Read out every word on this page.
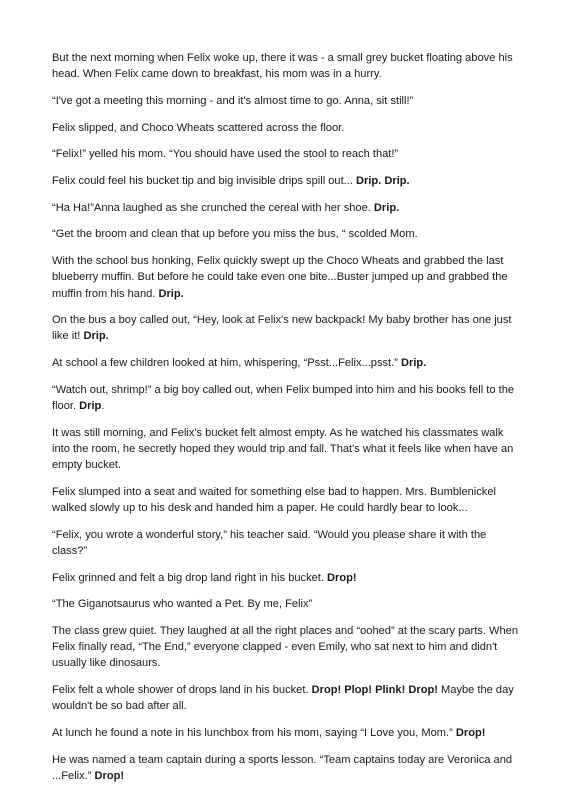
But the next morning when Felix woke up, there it was - a small grey bucket floating above his head. When Felix came down to breakfast, his mom was in a hurry.

“I've got a meeting this morning - and it's almost time to go. Anna, sit still!”

Felix slipped, and Choco Wheats scattered across the floor.

“Felix!” yelled his mom. “You should have used the stool to reach that!”

Felix could feel his bucket tip and big invisible drips spill out... Drip. Drip.

“Ha Ha!”Anna laughed as she crunched the cereal with her shoe. Drip.

“Get the broom and clean that up before you miss the bus, “ scolded Mom.

With the school bus honking, Felix quickly swept up the Choco Wheats and grabbed the last blueberry muffin. But before he could take even one bite...Buster jumped up and grabbed the muffin from his hand. Drip.

On the bus a boy called out, “Hey, look at Felix's new backpack! My baby brother has one just like it! Drip.

At school a few children looked at him, whispering, “Psst...Felix...psst.” Drip.

“Watch out, shrimp!” a big boy called out, when Felix bumped into him and his books fell to the floor. Drip.

It was still morning, and Felix's bucket felt almost empty. As he watched his classmates walk into the room, he secretly hoped they would trip and fall. That's what it feels like when have an empty bucket.

Felix slumped into a seat and waited for something else bad to happen. Mrs. Bumblenickel walked slowly up to his desk and handed him a paper. He could hardly bear to look...

“Felix, you wrote a wonderful story,” his teacher said. “Would you please share it with the class?”

Felix grinned and felt a big drop land right in his bucket. Drop!

“The Giganotsaurus who wanted a Pet. By me, Felix”

The class grew quiet. They laughed at all the right places and “oohed” at the scary parts. When Felix finally read, “The End,” everyone clapped - even Emily, who sat next to him and didn't usually like dinosaurs.

Felix felt a whole shower of drops land in his bucket. Drop! Plop! Plink! Drop! Maybe the day wouldn't be so bad after all.

At lunch he found a note in his lunchbox from his mom, saying “I Love you, Mom.” Drop!

He was named a team captain during a sports lesson. “Team captains today are Veronica and ...Felix.” Drop!
